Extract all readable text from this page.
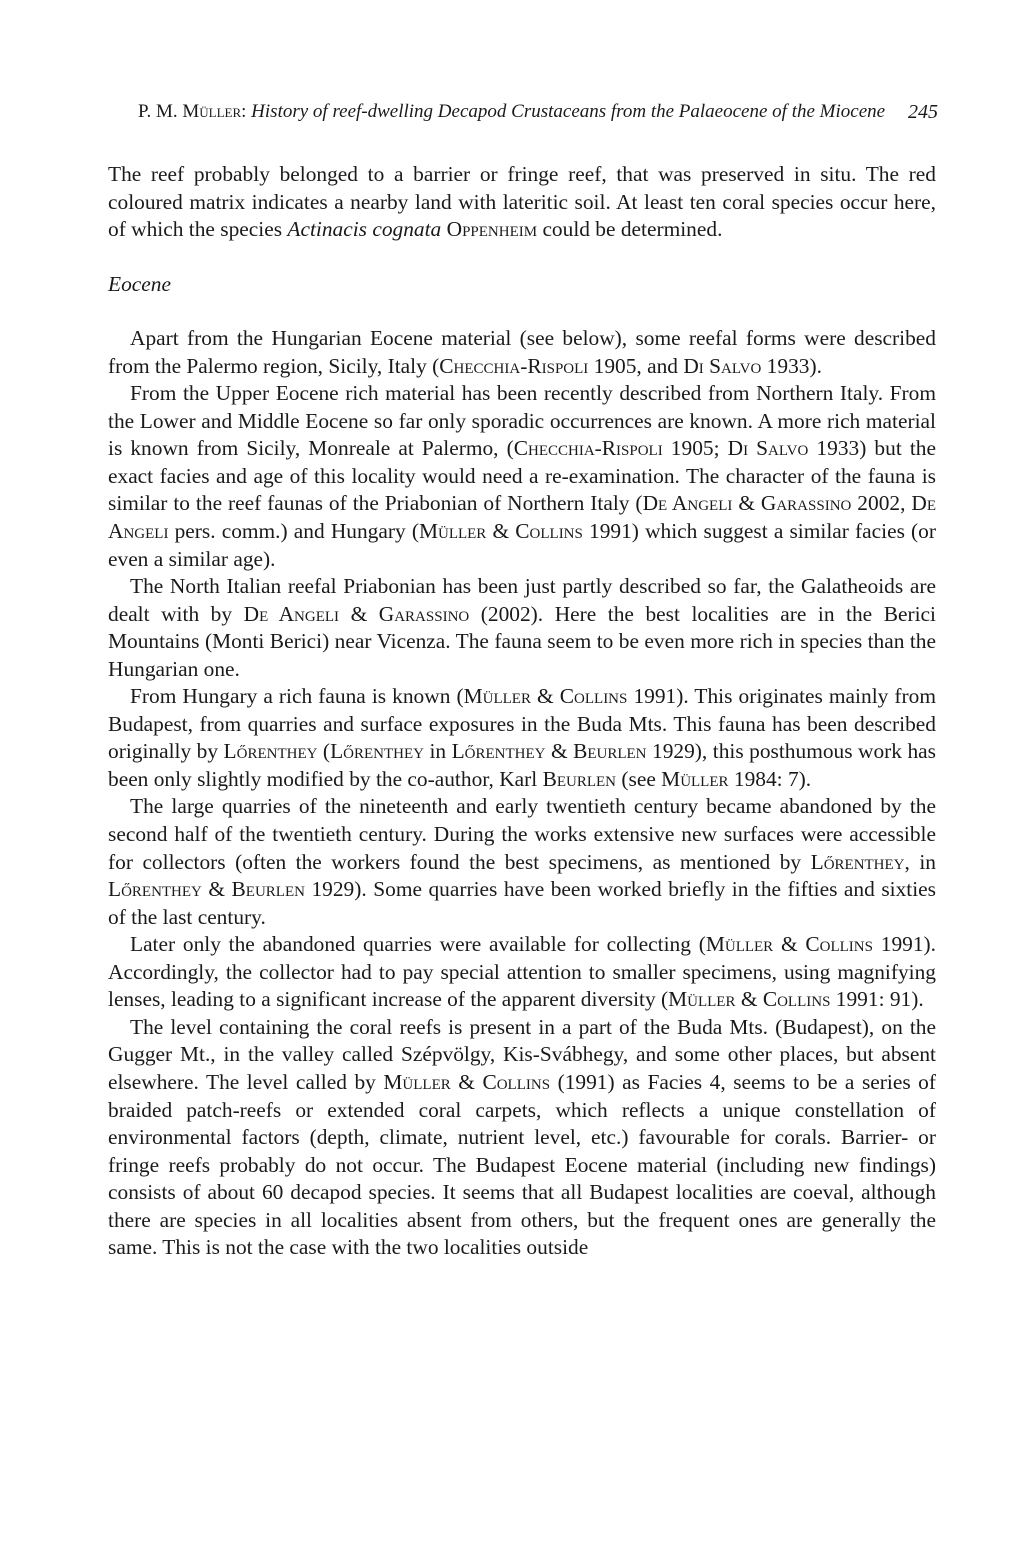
P. M. Müller: History of reef-dwelling Decapod Crustaceans from the Palaeocene of the Miocene 245

The reef probably belonged to a barrier or fringe reef, that was preserved in situ. The red coloured matrix indicates a nearby land with lateritic soil. At least ten coral species occur here, of which the species Actinacis cognata Oppenheim could be determined.

Eocene

Apart from the Hungarian Eocene material (see below), some reefal forms were described from the Palermo region, Sicily, Italy (Checchia-Rispoli 1905, and Di Salvo 1933).

From the Upper Eocene rich material has been recently described from Northern Italy. From the Lower and Middle Eocene so far only sporadic occurrences are known. A more rich material is known from Sicily, Monreale at Palermo, (Checchia-Rispoli 1905; Di Salvo 1933) but the exact facies and age of this locality would need a re-examination. The character of the fauna is similar to the reef faunas of the Priabonian of Northern Italy (De Angeli & Garassino 2002, De Angeli pers. comm.) and Hungary (Müller & Collins 1991) which suggest a similar facies (or even a similar age).

The North Italian reefal Priabonian has been just partly described so far, the Galatheoids are dealt with by De Angeli & Garassino (2002). Here the best localities are in the Berici Mountains (Monti Berici) near Vicenza. The fauna seem to be even more rich in species than the Hungarian one.

From Hungary a rich fauna is known (Müller & Collins 1991). This originates mainly from Budapest, from quarries and surface exposures in the Buda Mts. This fauna has been described originally by Lőrenthey (Lőrenthey in Lőrenthey & Beurlen 1929), this posthumous work has been only slightly modified by the co-author, Karl Beurlen (see Müller 1984: 7).

The large quarries of the nineteenth and early twentieth century became abandoned by the second half of the twentieth century. During the works extensive new surfaces were accessible for collectors (often the workers found the best specimens, as mentioned by Lőrenthey, in Lőrenthey & Beurlen 1929). Some quarries have been worked briefly in the fifties and sixties of the last century.

Later only the abandoned quarries were available for collecting (Müller & Collins 1991). Accordingly, the collector had to pay special attention to smaller specimens, using magnifying lenses, leading to a significant increase of the apparent diversity (Müller & Collins 1991: 91).

The level containing the coral reefs is present in a part of the Buda Mts. (Budapest), on the Gugger Mt., in the valley called Szépvölgy, Kis-Svábhegy, and some other places, but absent elsewhere. The level called by Müller & Collins (1991) as Facies 4, seems to be a series of braided patch-reefs or extended coral carpets, which reflects a unique constellation of environmental factors (depth, climate, nutrient level, etc.) favourable for corals. Barrier- or fringe reefs probably do not occur. The Budapest Eocene material (including new findings) consists of about 60 decapod species. It seems that all Budapest localities are coeval, although there are species in all localities absent from others, but the frequent ones are generally the same. This is not the case with the two localities outside
